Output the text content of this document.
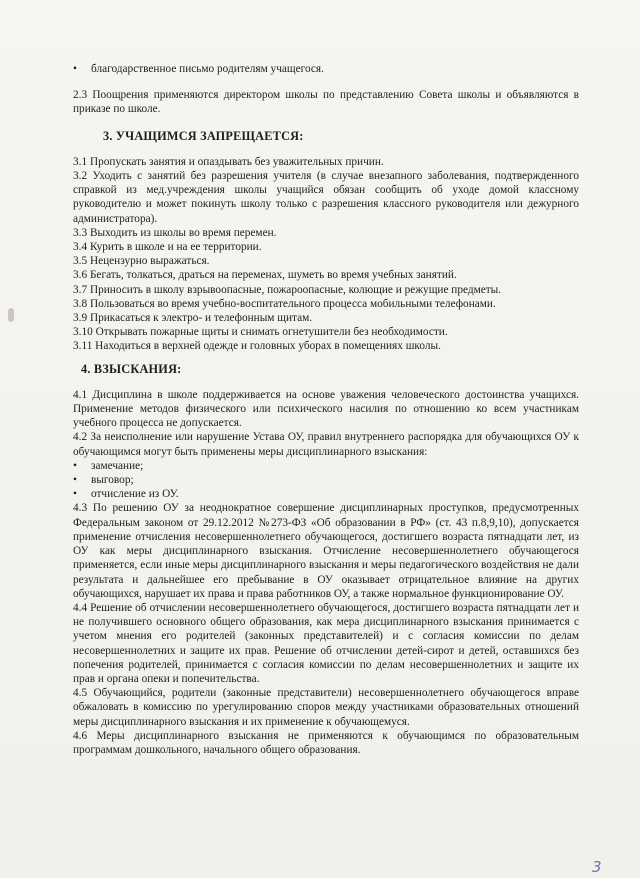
•	благодарственное письмо родителям учащегося.

2.3 Поощрения применяются директором школы по представлению Совета школы и объявляются в приказе по школе.

3. УЧАЩИМСЯ ЗАПРЕЩАЕТСЯ:

3.1 Пропускать занятия и опаздывать без уважительных причин.

3.2 Уходить с занятий без разрешения учителя (в случае внезапного заболевания, подтвержденного справкой из мед.учреждения школы учащийся обязан сообщить об уходе домой классному руководителю и может покинуть школу только с разрешения классного руководителя или дежурного администратора).

3.3 Выходить из школы во время перемен.

3.4 Курить в школе и на ее территории.

3.5 Нецензурно выражаться.

3.6 Бегать, толкаться, драться на переменах, шуметь во время учебных занятий.

3.7 Приносить в школу взрывоопасные, пожароопасные, колющие и режущие предметы.

3.8 Пользоваться во время учебно-воспитательного процесса мобильными телефонами.

3.9 Прикасаться к электро- и телефонным щитам.

3.10 Открывать пожарные щиты и снимать огнетушители без необходимости.

3.11 Находиться в верхней одежде и головных уборах в помещениях школы.

4. ВЗЫСКАНИЯ:

4.1 Дисциплина в школе поддерживается на основе уважения человеческого достоинства учащихся. Применение методов физического или психического насилия по отношению ко всем участникам учебного процесса не допускается.

4.2 За неисполнение или нарушение Устава ОУ, правил внутреннего распорядка для обучающихся ОУ к обучающимся могут быть применены меры дисциплинарного взыскания:

•	замечание;
•	выговор;
•	отчисление из ОУ.

4.3 По решению ОУ за неоднократное совершение дисциплинарных проступков, предусмотренных Федеральным законом от 29.12.2012 №273-ФЗ «Об образовании в РФ» (ст. 43 п.8,9,10), допускается применение отчисления несовершеннолетнего обучающегося, достигшего возраста пятнадцати лет, из ОУ как меры дисциплинарного взыскания. Отчисление несовершеннолетнего обучающегося применяется, если иные меры дисциплинарного взыскания и меры педагогического воздействия не дали результата и дальнейшее его пребывание в ОУ оказывает отрицательное влияние на других обучающихся, нарушает их права и права работников ОУ, а также нормальное функционирование ОУ.

4.4 Решение об отчислении несовершеннолетнего обучающегося, достигшего возраста пятнадцати лет и не получившего основного общего образования, как мера дисциплинарного взыскания принимается с учетом мнения его родителей (законных представителей) и с согласия комиссии по делам несовершеннолетних и защите их прав. Решение об отчислении детей-сирот и детей, оставшихся без попечения родителей, принимается с согласия комиссии по делам несовершеннолетних и защите их прав и органа опеки и попечительства.

4.5 Обучающийся, родители (законные представители) несовершеннолетнего обучающегося вправе обжаловать в комиссию по урегулированию споров между участниками образовательных отношений меры дисциплинарного взыскания и их применение к обучающемуся.

4.6 Меры дисциплинарного взыскания не применяются к обучающимся по образовательным программам дошкольного, начального общего образования.

3
